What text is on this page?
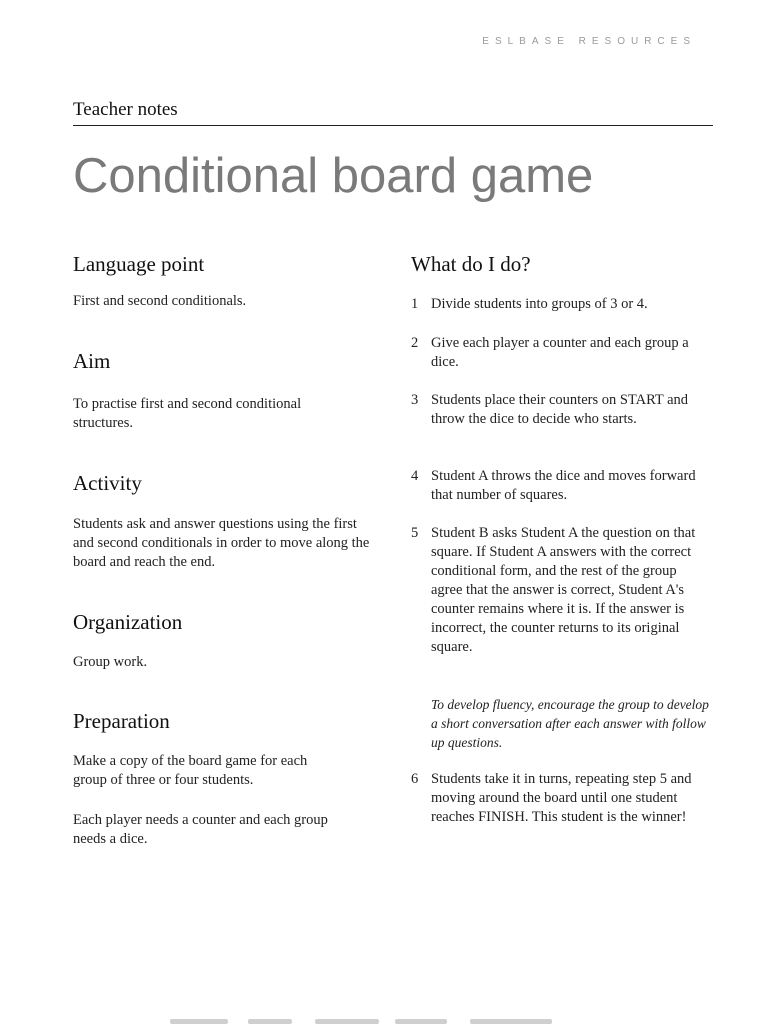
ESLBASE RESOURCES
Teacher notes
Conditional board game
Language point

First and second conditionals.

Aim

To practise first and second conditional structures.

Activity

Students ask and answer questions using the first and second conditionals in order to move along the board and reach the end.

Organization

Group work.

Preparation

Make a copy of the board game for each group of three or four students.

Each player needs a counter and each group needs a dice.

What do I do?
1 Divide students into groups of 3 or 4.
2 Give each player a counter and each group a dice.
3 Students place their counters on START and throw the dice to decide who starts.
4 Student A throws the dice and moves forward that number of squares.
5 Student B asks Student A the question on that square. If Student A answers with the correct conditional form, and the rest of the group agree that the answer is correct, Student A's counter remains where it is. If the answer is incorrect, the counter returns to its original square.
To develop fluency, encourage the group to develop a short conversation after each answer with follow up questions.
6 Students take it in turns, repeating step 5 and moving around the board until one student reaches FINISH. This student is the winner!
